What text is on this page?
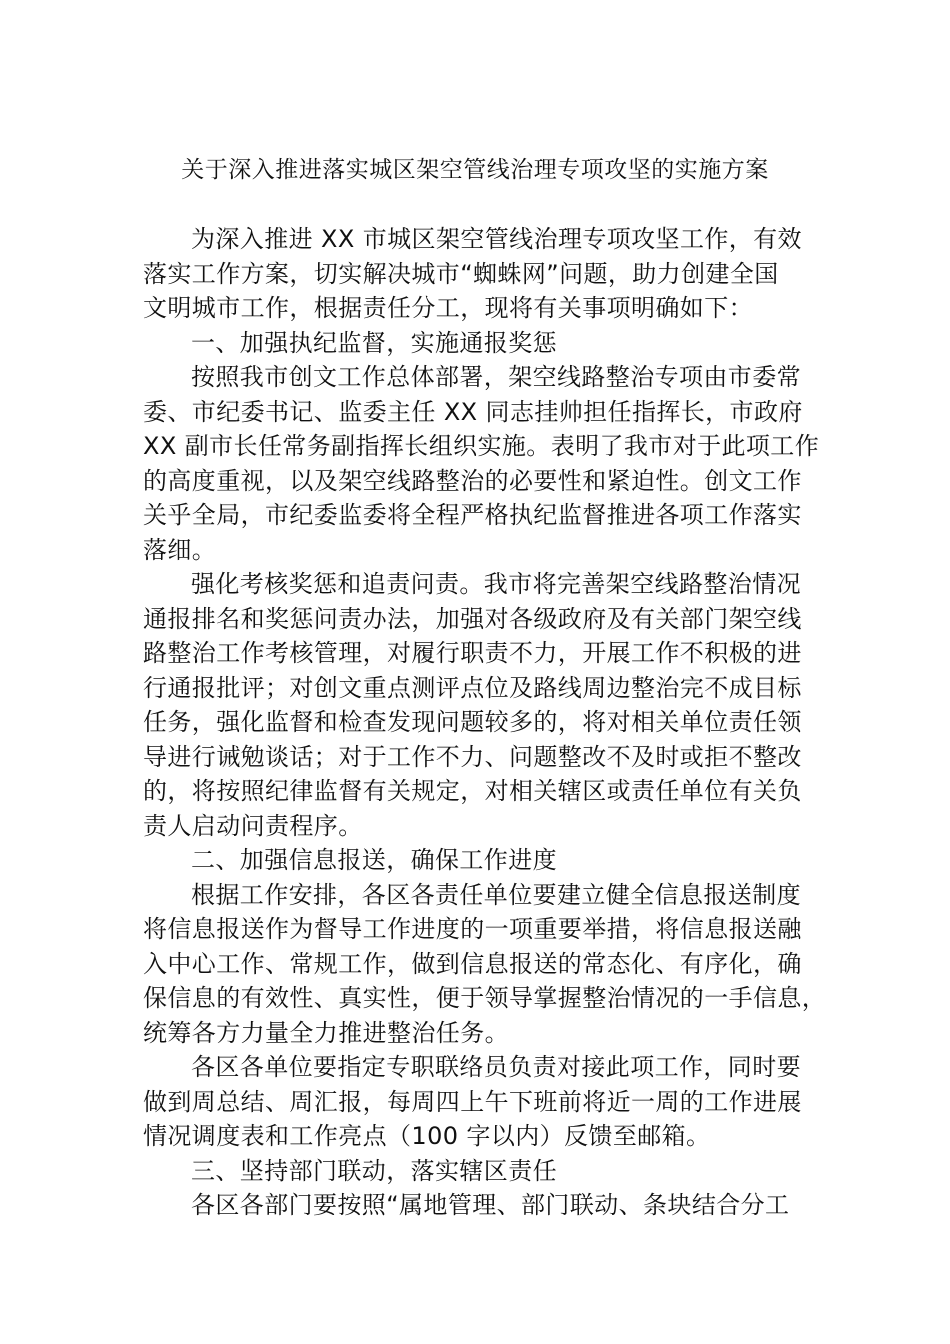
关于深入推进落实城区架空管线治理专项攻坚的实施方案
为深入推进 XX 市城区架空管线治理专项攻坚工作，有效
落实工作方案，切实解决城市“蜘蛛网”问题，助力创建全国
文明城市工作，根据责任分工，现将有关事项明确如下：
一、加强执纪监督，实施通报奖惩
按照我市创文工作总体部署，架空线路整治专项由市委常
委、市纪委书记、监委主任 XX 同志挂帅担任指挥长，市政府
XX 副市长任常务副指挥长组织实施。表明了我市对于此项工作
的高度重视，以及架空线路整治的必要性和紧迫性。创文工作
关乎全局，市纪委监委将全程严格执纪监督推进各项工作落实
落细。
强化考核奖惩和追责问责。我市将完善架空线路整治情况
通报排名和奖惩问责办法，加强对各级政府及有关部门架空线
路整治工作考核管理，对履行职责不力，开展工作不积极的进
行通报批评；对创文重点测评点位及路线周边整治完不成目标
任务，强化监督和检查发现问题较多的，将对相关单位责任领
导进行诫勉谈话；对于工作不力、问题整改不及时或拒不整改
的，将按照纪律监督有关规定，对相关辖区或责任单位有关负
责人启动问责程序。
二、加强信息报送，确保工作进度
根据工作安排，各区各责任单位要建立健全信息报送制度
将信息报送作为督导工作进度的一项重要举措，将信息报送融
入中心工作、常规工作，做到信息报送的常态化、有序化，确
保信息的有效性、真实性，便于领导掌握整治情况的一手信息，
统筹各方力量全力推进整治任务。
各区各单位要指定专职联络员负责对接此项工作，同时要
做到周总结、周汇报，每周四上午下班前将近一周的工作进展
情况调度表和工作亮点（100 字以内）反馈至邮箱。
三、坚持部门联动，落实辖区责任
各区各部门要按照“属地管理、部门联动、条块结合分工
